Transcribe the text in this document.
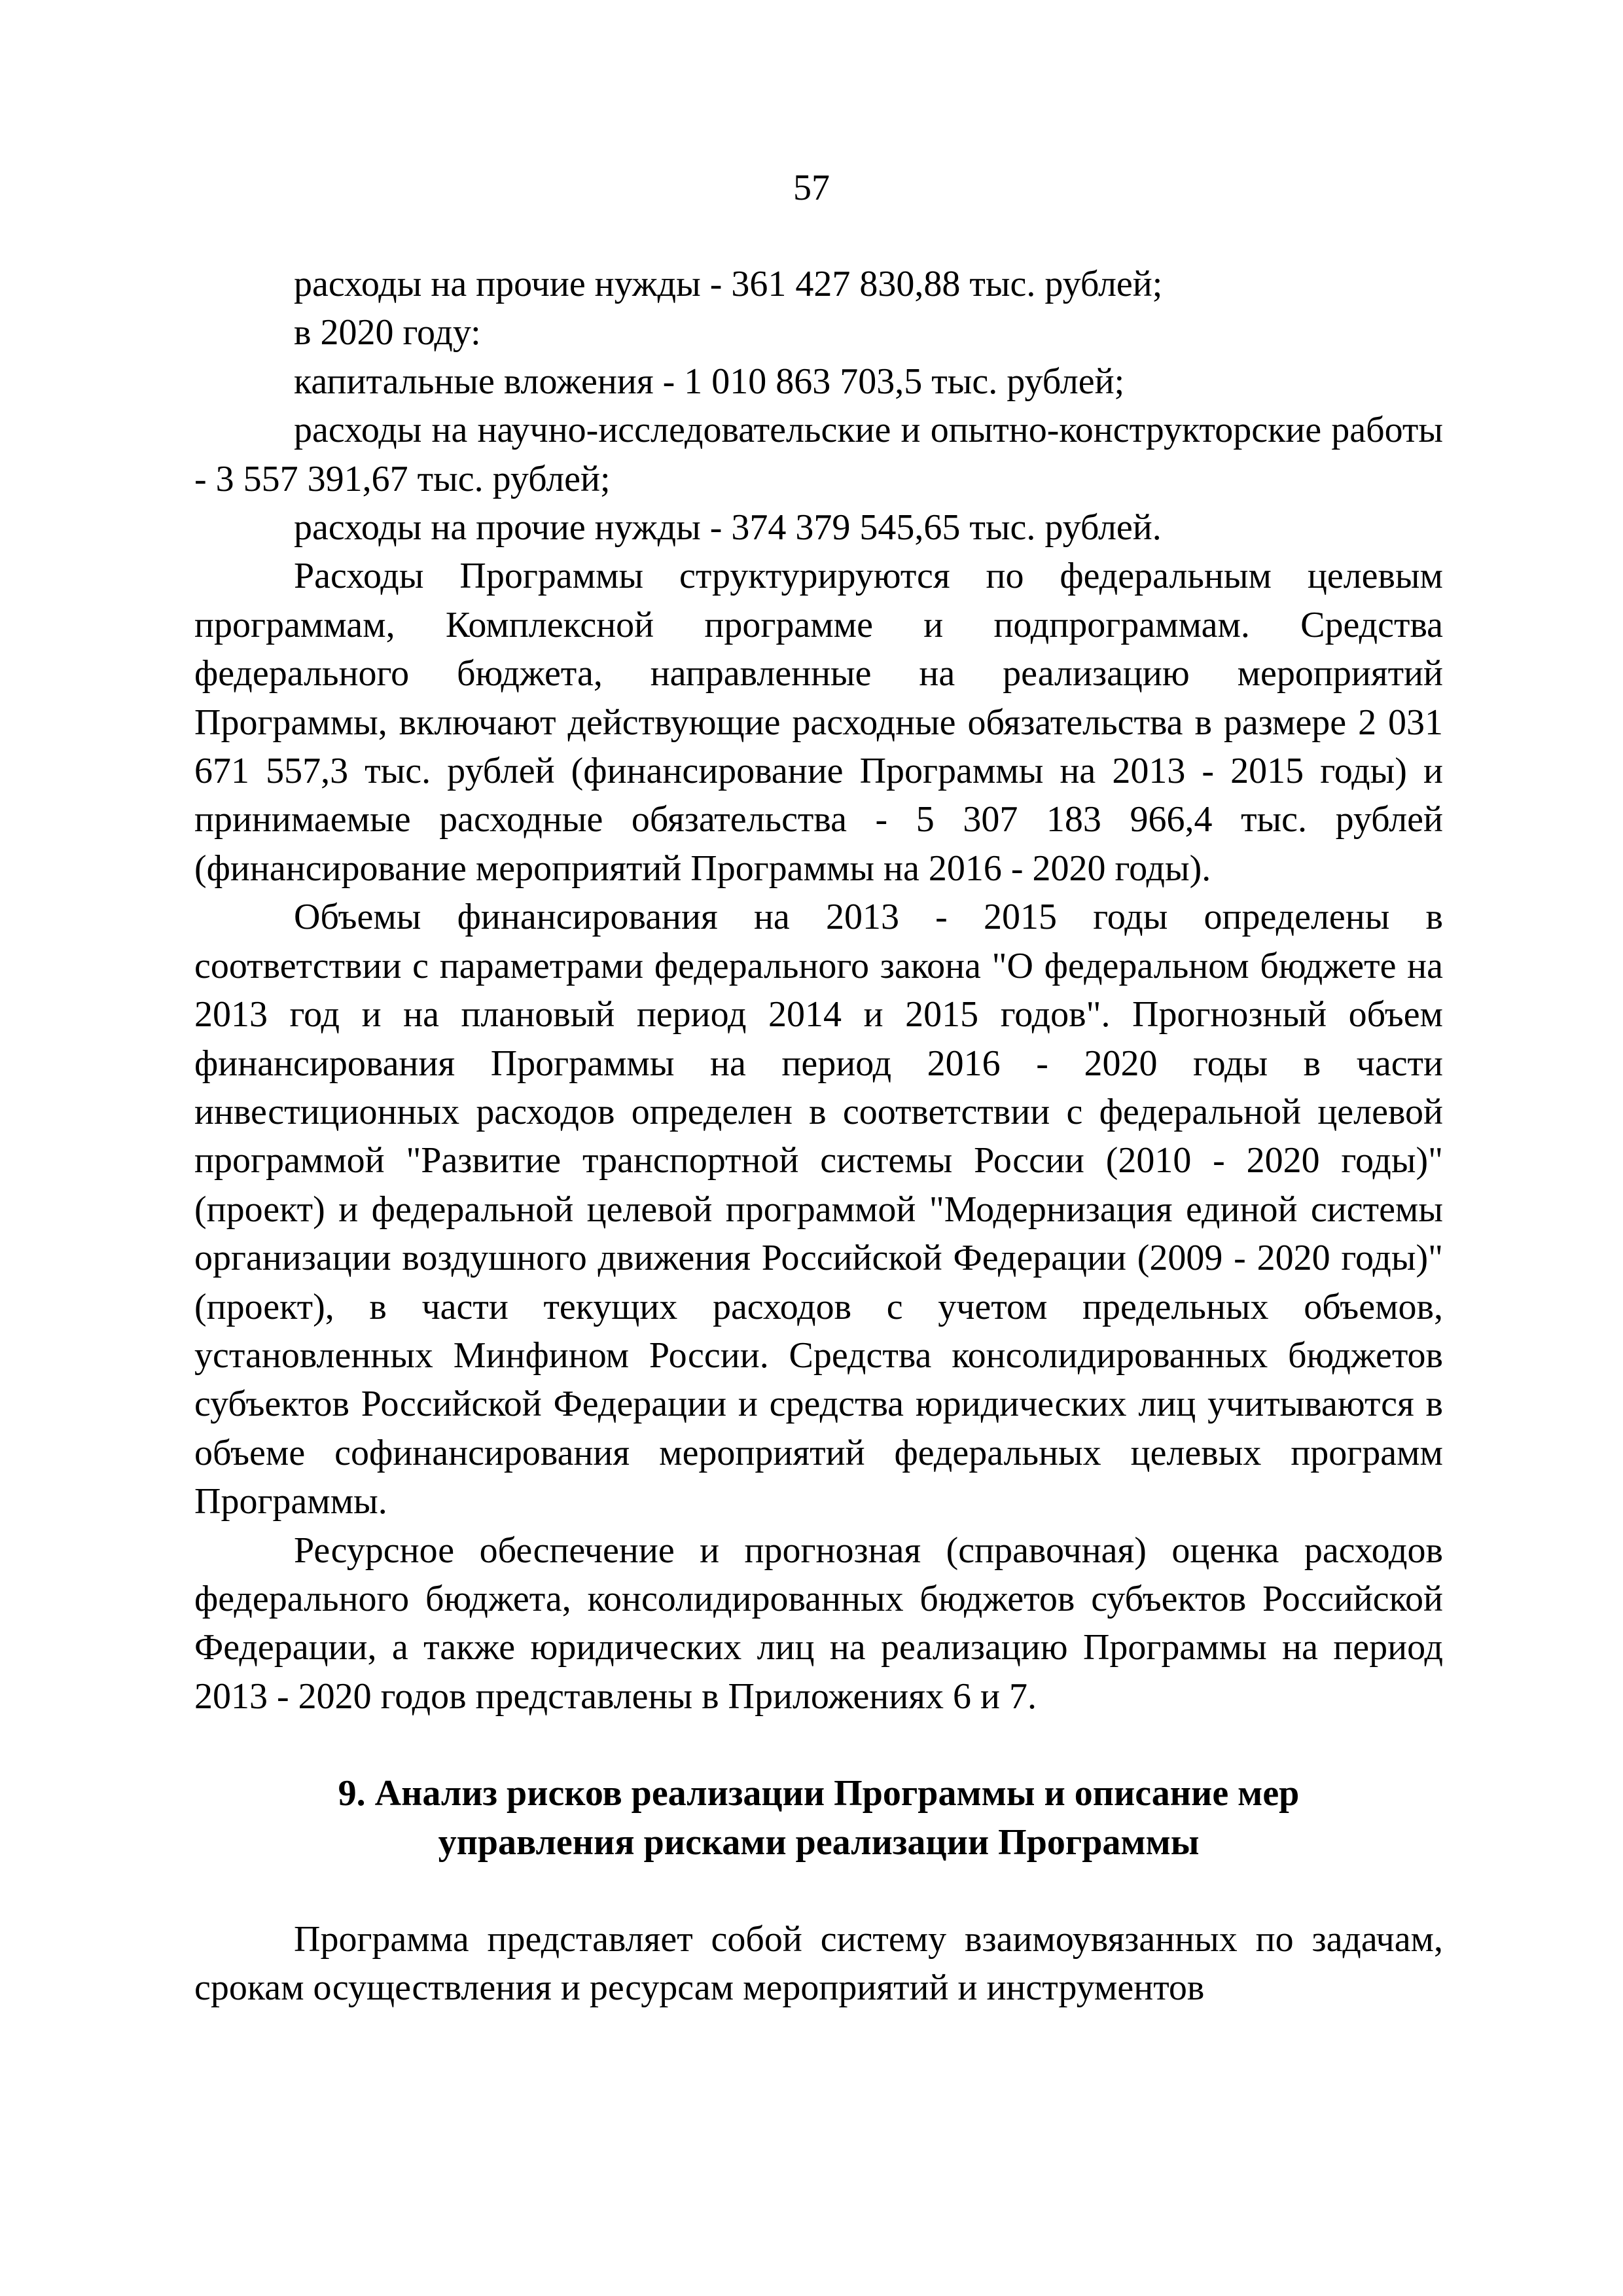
57

расходы на прочие нужды - 361 427 830,88 тыс. рублей;

в 2020 году:

капитальные вложения - 1 010 863 703,5 тыс. рублей;

расходы на научно-исследовательские и опытно-конструкторские работы - 3 557 391,67 тыс. рублей;

расходы на прочие нужды - 374 379 545,65 тыс. рублей.

Расходы Программы структурируются по федеральным целевым программам, Комплексной программе и подпрограммам. Средства федерального бюджета, направленные на реализацию мероприятий Программы, включают действующие расходные обязательства в размере 2 031 671 557,3 тыс. рублей (финансирование Программы на 2013 - 2015 годы) и принимаемые расходные обязательства - 5 307 183 966,4 тыс. рублей (финансирование мероприятий Программы на 2016 - 2020 годы).

Объемы финансирования на 2013 - 2015 годы определены в соответствии с параметрами федерального закона "О федеральном бюджете на 2013 год и на плановый период 2014 и 2015 годов". Прогнозный объем финансирования Программы на период 2016 - 2020 годы в части инвестиционных расходов определен в соответствии с федеральной целевой программой "Развитие транспортной системы России (2010 - 2020 годы)" (проект) и федеральной целевой программой "Модернизация единой системы организации воздушного движения Российской Федерации (2009 - 2020 годы)" (проект), в части текущих расходов с учетом предельных объемов, установленных Минфином России. Средства консолидированных бюджетов субъектов Российской Федерации и средства юридических лиц учитываются в объеме софинансирования мероприятий федеральных целевых программ Программы.

Ресурсное обеспечение и прогнозная (справочная) оценка расходов федерального бюджета, консолидированных бюджетов субъектов Российской Федерации, а также юридических лиц на реализацию Программы на период 2013 - 2020 годов представлены в Приложениях 6 и 7.

9. Анализ рисков реализации Программы и описание мер
управления рисками реализации Программы

Программа представляет собой систему взаимоувязанных по задачам, срокам осуществления и ресурсам мероприятий и инструментов
